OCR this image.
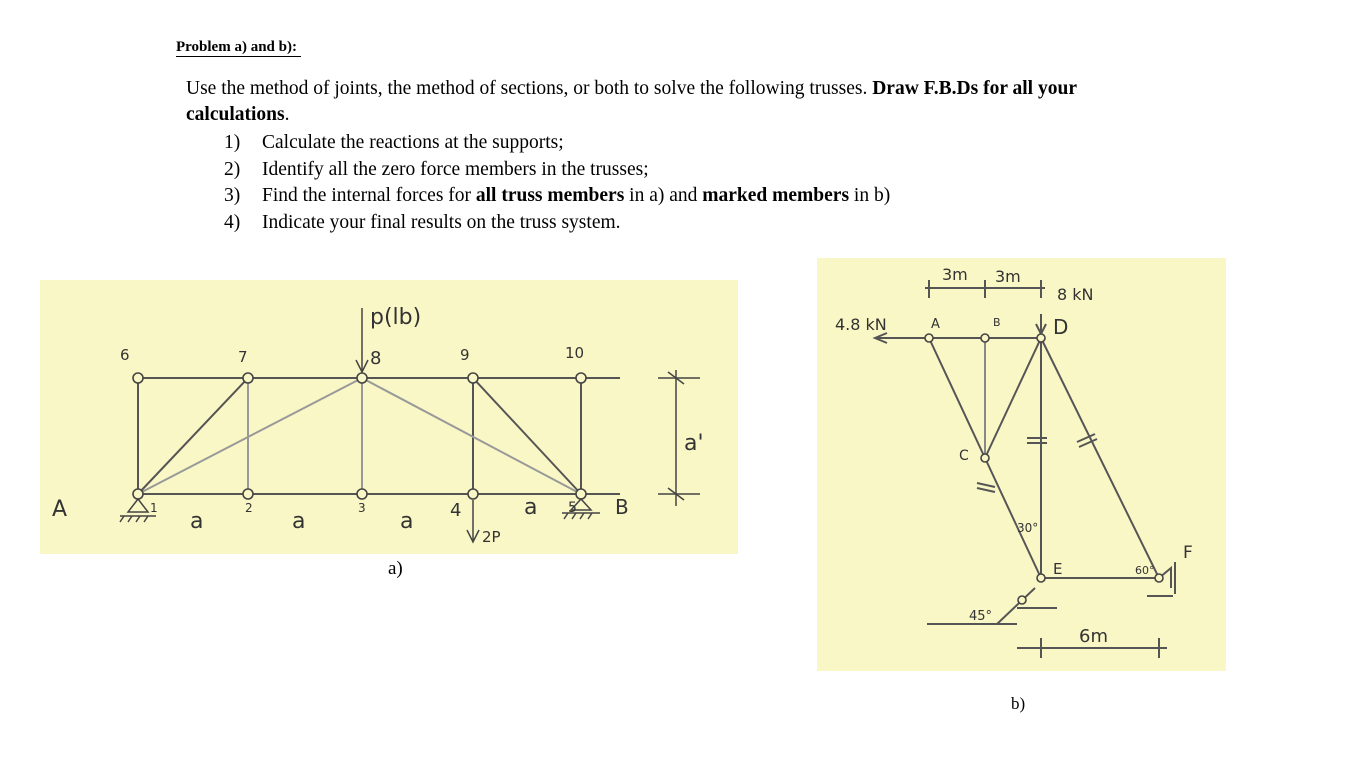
Problem a) and b):
Use the method of joints, the method of sections, or both to solve the following trusses. Draw F.B.Ds for all your calculations.
1)	Calculate the reactions at the supports;
2)	Identify all the zero force members in the trusses;
3)	Find the internal forces for all truss members in a) and marked members in b)
4)	Indicate your final results on the truss system.
6	7	8	9	10
1	2	3	4	5
p(lb)
2P
a'
a	a	a
a
A	B
a)
3m 3m
4.8 kN
8 kN
A	B
C
D
E
F
30°
60°
45°
6m
b)
